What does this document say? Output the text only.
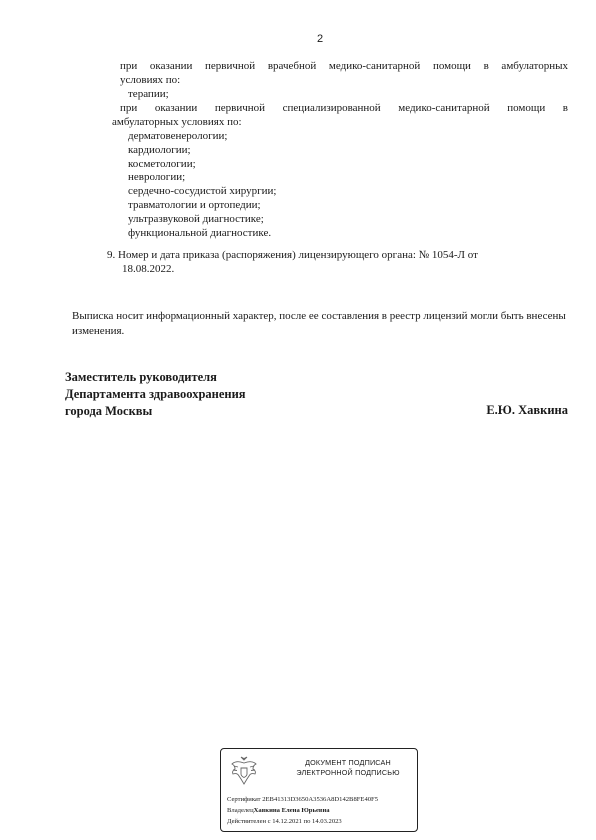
2
при оказании первичной врачебной медико-санитарной помощи в амбулаторных
условиях по:
терапии;
при оказании первичной специализированной медико-санитарной помощи в
амбулаторных условиях по:
дерматовенерологии;
кардиологии;
косметологии;
неврологии;
сердечно-сосудистой хирургии;
травматологии и ортопедии;
ультразвуковой диагностике;
функциональной диагностике.
9. Номер и дата приказа (распоряжения) лицензирующего органа: № 1054-Л от
18.08.2022.
Выписка носит информационный характер, после ее составления в реестр лицензий могли быть внесены изменения.
Заместитель руководителя
Департамента здравоохранения
города Москвы	Е.Ю. Хавкина
ДОКУМЕНТ ПОДПИСАН
ЭЛЕКТРОННОЙ ПОДПИСЬЮ
Сертификат 2EB41313D3650A3536A8D142B8FE40F5
ВладелецХавкина Елена Юрьевна
Действителен с 14.12.2021 по 14.03.2023
